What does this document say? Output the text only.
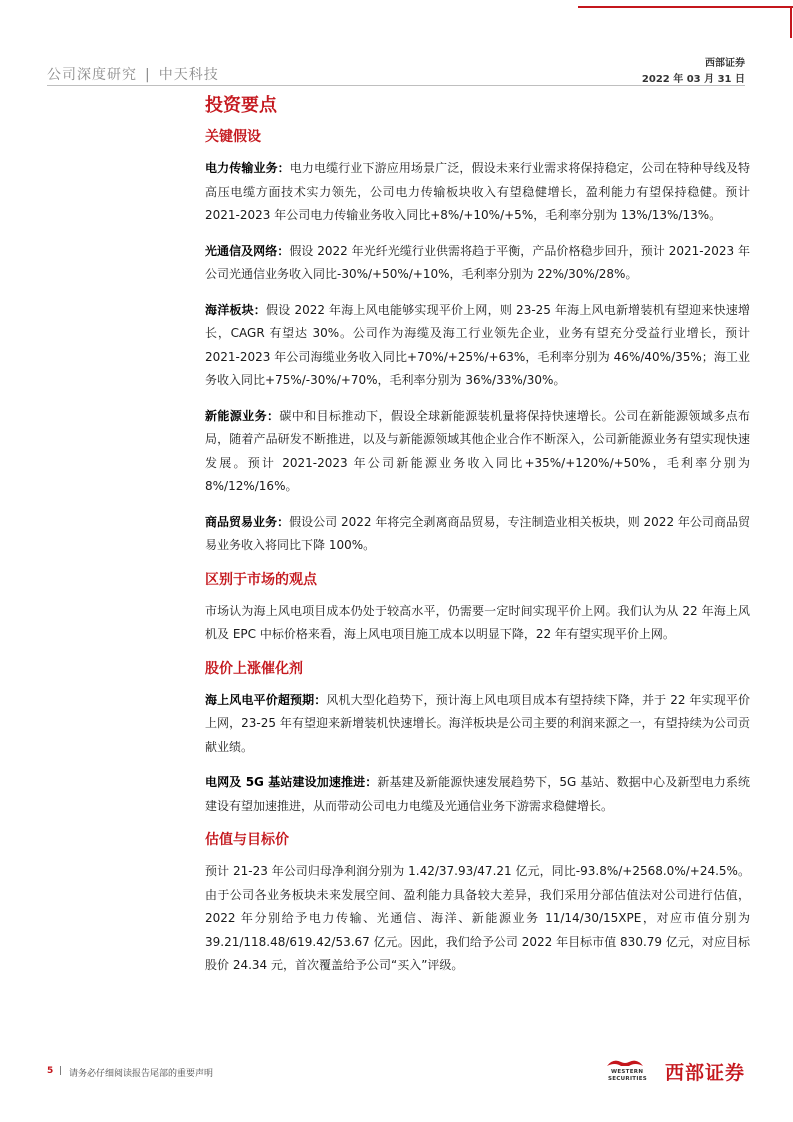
公司深度研究 | 中天科技
西部证券
2022 年 03 月 31 日
投资要点
关键假设

电力传输业务：电力电缆行业下游应用场景广泛，假设未来行业需求将保持稳定，公司在特种导线及特高压电缆方面技术实力领先，公司电力传输板块收入有望稳健增长，盈利能力有望保持稳健。预计 2021-2023 年公司电力传输业务收入同比+8%/+10%/+5%，毛利率分别为 13%/13%/13%。

光通信及网络：假设 2022 年光纤光缆行业供需将趋于平衡，产品价格稳步回升，预计 2021-2023 年公司光通信业务收入同比-30%/+50%/+10%，毛利率分别为 22%/30%/28%。

海洋板块：假设 2022 年海上风电能够实现平价上网，则 23-25 年海上风电新增装机有望迎来快速增长，CAGR 有望达 30%。公司作为海缆及海工行业领先企业，业务有望充分受益行业增长，预计 2021-2023 年公司海缆业务收入同比+70%/+25%/+63%，毛利率分别为 46%/40%/35%；海工业务收入同比+75%/-30%/+70%，毛利率分别为 36%/33%/30%。

新能源业务：碳中和目标推动下，假设全球新能源装机量将保持快速增长。公司在新能源领域多点布局，随着产品研发不断推进，以及与新能源领域其他企业合作不断深入，公司新能源业务有望实现快速发展。预计 2021-2023 年公司新能源业务收入同比+35%/+120%/+50%，毛利率分别为 8%/12%/16%。

商品贸易业务：假设公司 2022 年将完全剥离商品贸易，专注制造业相关板块，则 2022 年公司商品贸易业务收入将同比下降 100%。

区别于市场的观点

市场认为海上风电项目成本仍处于较高水平，仍需要一定时间实现平价上网。我们认为从 22 年海上风机及 EPC 中标价格来看，海上风电项目施工成本以明显下降，22 年有望实现平价上网。

股价上涨催化剂

海上风电平价超预期：风机大型化趋势下，预计海上风电项目成本有望持续下降，并于 22 年实现平价上网，23-25 年有望迎来新增装机快速增长。海洋板块是公司主要的利润来源之一，有望持续为公司贡献业绩。

电网及 5G 基站建设加速推进：新基建及新能源快速发展趋势下，5G 基站、数据中心及新型电力系统建设有望加速推进，从而带动公司电力电缆及光通信业务下游需求稳健增长。

估值与目标价

预计 21-23 年公司归母净利润分别为 1.42/37.93/47.21 亿元，同比-93.8%/+2568.0%/+24.5%。由于公司各业务板块未来发展空间、盈利能力具备较大差异，我们采用分部估值法对公司进行估值，2022 年分别给予电力传输、光通信、海洋、新能源业务 11/14/30/15XPE，对应市值分别为 39.21/118.48/619.42/53.67 亿元。因此，我们给予公司 2022 年目标市值 830.79 亿元，对应目标股价 24.34 元，首次覆盖给予公司“买入”评级。

5 | 请务必仔细阅读报告尾部的重要声明	WESTERN
SECURITIES 西部证券
